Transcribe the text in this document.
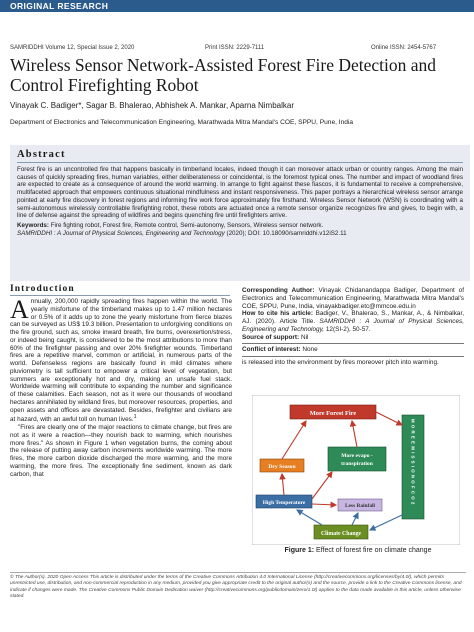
ORIGINAL RESEARCH
SAMRIDDHI Volume 12, Special Issue 2, 2020	Print ISSN: 2229-7111	Online ISSN: 2454-5767
Wireless Sensor Network-Assisted Forest Fire Detection and Control Firefighting Robot
Vinayak C. Badiger*, Sagar B. Bhalerao, Abhishek A. Mankar, Aparna Nimbalkar
Department of Electronics and Telecommunication Engineering, Marathwada Mitra Mandal's COE, SPPU, Pune, India
Abstract
Forest fire is an uncontrolled fire that happens basically in timberland locales, indeed though it can moreover attack urban or country ranges. Among the main causes of quickly spreading fires, human variables, either deliberateness or coincidental, is the foremost typical ones. The number and impact of woodland fires are expected to create as a consequence of around the world warming. In arrange to fight against these fiascos, it is fundamental to receive a comprehensive, multifaceted approach that empowers continuous situational mindfulness and instant responsiveness. This paper portrays a hierarchical wireless sensor arrange pointed at early fire discovery in forest regions and informing fire work force approximately fire firsthand. Wireless Sensor Network (WSN) is coordinating with a semi-autonomous wirelessly controllable firefighting robot, these robots are actuated once a remote sensor organize recognizes fire and gives, to begin with, a line of defense against the spreading of wildfires and begins quenching fire until firefighters arrive.
Keywords: Fire fighting robot, Forest fire, Remote control, Semi-autonomy, Sensors, Wireless sensor network.
SAMRIDDHI : A Journal of Physical Sciences, Engineering and Technology (2020); DOI: 10.18090/samriddhi.v12iS2.11
Introduction

Annually, 200,000 rapidly spreading fires happen within the world. The yearly misfortune of the timberland makes up to 1.47 million hectares or 0.5% of it adds up to zone the yearly misfortune from fierce blazes can be surveyed as US$ 19.3 billion. Presentation to unforgiving conditions on the fire ground, such as, smoke inward breath, fire burns, overexertion/stress, or indeed being caught, is considered to be the most attributions to more than 60% of the firefighter passing and over 20% firefighter wounds. Timberland fires are a repetitive marvel, common or artificial, in numerous parts of the world. Defenseless regions are basically found in mild climates where pluviometry is tall sufficient to empower a critical level of vegetation, but summers are exceptionally hot and dry, making an unsafe fuel stack. Worldwide warming will contribute to expanding the number and significance of these calamities. Each season, not as it were our thousands of woodland hectares annihilated by wildland fires, but moreover resources, properties, and open assets and offices are devastated. Besides, firefighter and civilians are at hazard, with an awful toll on human lives.$^1$

"Fires are clearly one of the major reactions to climate change, but fires are not as it were a reaction—they nourish back to warming, which nourishes more fires." As shown in Figure 1 when vegetation burns, the coming about the release of putting away carbon increments worldwide warming. The more fires, the more carbon dioxide discharged the more warming, and the more warming, the more fires. The exceptionally fine sediment, known as dark carbon, that

Corresponding Author: Vinayak Chidanandappa Badiger, Department of Electronics and Telecommunication Engineering, Marathwada Mitra Mandal's COE, SPPU, Pune, India, vinayakbadiger.etc@mmcoe.edu.in
How to cite his article: Badiger, V., Bhalerao, S., Mankar, A., & Nimbalkar, AJ. (2020). Article Title. SAMRIDDHI : A Journal of Physical Sciences, Engineering and Technology, 12(SI-2), 50-57.
Source of support: Nil
Conflict of interest: None
is released into the environment by fires moreover pitch into warming.
More Forest Fire
Dry Season
More evapo -
transpiration
High Temperature	Less Rainfall
Climate Change
M O R E E M I S S I O N O F C O 2
Figure 1: Effect of forest fire on climate change
© The Author(s). 2020 Open Access This article is distributed under the terms of the Creative Commons Attribution 4.0 International License (http://creativecommons.org/licenses/by/4.0/), which permits unrestricted use, distribution, and non-commercial reproduction in any medium, provided you give appropriate credit to the original author(s) and the source, provide a link to the Creative Commons license, and indicate if changes were made. The Creative Commons Public Domain Dedication waiver (http://creativecommons.org/publicdomain/zero/1.0/) applies to the data made available in this article, unless otherwise stated.
